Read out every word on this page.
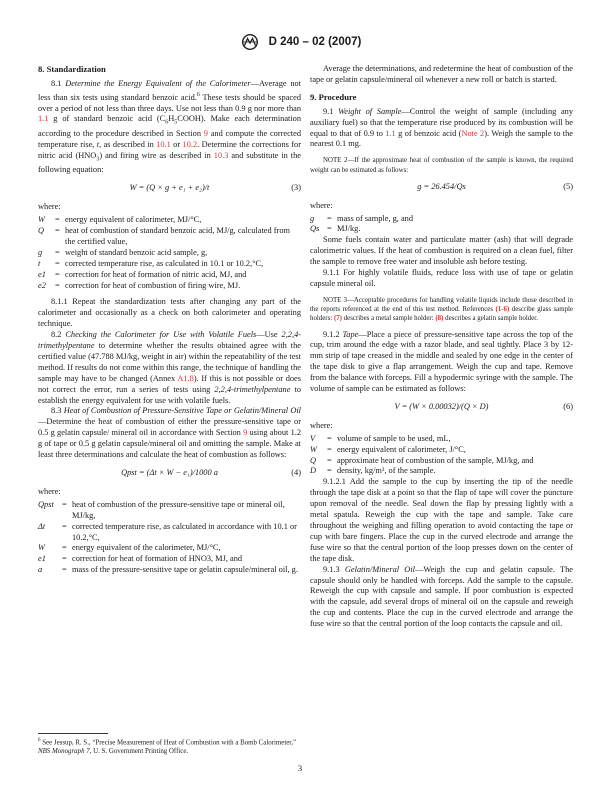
D 240 – 02 (2007)
8. Standardization

8.1 Determine the Energy Equivalent of the Calorimeter—Average not less than six tests using standard benzoic acid.$^6$ These tests should be spaced over a period of not less than three days. Use not less than 0.9 g nor more than 1.1 g of standard benzoic acid $(C_6H_5COOH)$. Make each determination according to the procedure described in Section 9 and compute the corrected temperature rise, t, as described in 10.1 or 10.2. Determine the corrections for nitric acid $(HNO_3)$ and firing wire as described in 10.3 and substitute in the following equation:

W = (Q × g + e₁ + e₂)/t	(3)

where:

W	=	energy equivalent of calorimeter, MJ/°C,
Q	=	heat of combustion of standard benzoic acid, MJ/g, calculated from the certified value,
g	=	weight of standard benzoic acid sample, g,
t	=	corrected temperature rise, as calculated in 10.1 or 10.2,°C,
e1	=	correction for heat of formation of nitric acid, MJ, and
e2	=	correction for heat of combustion of firing wire, MJ.

8.1.1 Repeat the standardization tests after changing any part of the calorimeter and occasionally as a check on both calorimeter and operating technique.

8.2 Checking the Calorimeter for Use with Volatile Fuels—Use 2,2,4-trimethylpentane to determine whether the results obtained agree with the certified value (47.788 MJ/kg, weight in air) within the repeatability of the test method. If results do not come within this range, the technique of handling the sample may have to be changed (Annex A1.8). If this is not possible or does not correct the error, run a series of tests using 2,2,4-trimethylpentane to establish the energy equivalent for use with volatile fuels.

8.3 Heat of Combustion of Pressure-Sensitive Tape or Gelatin/Mineral Oil—Determine the heat of combustion of either the pressure-sensitive tape or 0.5 g gelatin capsule/ mineral oil in accordance with Section 9 using about 1.2 g of tape or 0.5 g gelatin capsule/mineral oil and omitting the sample. Make at least three determinations and calculate the heat of combustion as follows:

Qpst = (Δt × W − e₁)/1000 a	(4)

where:

Qpst	=	heat of combustion of the pressure-sensitive tape or mineral oil, MJ/kg,
Δt	=	corrected temperature rise, as calculated in accordance with 10.1 or 10.2,°C,
W	=	energy equivalent of the calorimeter, MJ/°C,
e1	=	correction for heat of formation of HNO3, MJ, and
a	=	mass of the pressure-sensitive tape or gelatin capsule/mineral oil, g.
$^6$ See Jessup, R. S., “Precise Measurement of Heat of Combustion with a Bomb Calorimeter,” NBS Monograph 7, U. S. Government Printing Office.

Average the determinations, and redetermine the heat of combustion of the tape or gelatin capsule/mineral oil whenever a new roll or batch is started.

9. Procedure

9.1 Weight of Sample—Control the weight of sample (including any auxiliary fuel) so that the temperature rise produced by its combustion will be equal to that of 0.9 to 1.1 g of benzoic acid (Note 2). Weigh the sample to the nearest 0.1 mg.

NOTE 2—If the approximate heat of combustion of the sample is known, the required weight can be estimated as follows:

g = 26.454/Qs	(5)

where:

g	=	mass of sample, g, and
Qs	=	MJ/kg.

Some fuels contain water and particulate matter (ash) that will degrade calorimetric values. If the heat of combustion is required on a clean fuel, filter the sample to remove free water and insoluble ash before testing.

9.1.1 For highly volatile fluids, reduce loss with use of tape or gelatin capsule mineral oil.

NOTE 3—Acceptable procedures for handling volatile liquids include those described in the reports referenced at the end of this test method. References (1-6) describe glass sample holders: (7) describes a metal sample holder: (8) describes a gelatin sample holder.

9.1.2 Tape—Place a piece of pressure-sensitive tape across the top of the cup, trim around the edge with a razor blade, and seal tightly. Place 3 by 12-mm strip of tape creased in the middle and sealed by one edge in the center of the tape disk to give a flap arrangement. Weigh the cup and tape. Remove from the balance with forceps. Fill a hypodermic syringe with the sample. The volume of sample can be estimated as follows:

V = (W × 0.00032)/(Q × D)	(6)

where:

V	=	volume of sample to be used, mL,
W	=	energy equivalent of calorimeter, J/°C,
Q	=	approximate heat of combustion of the sample, MJ/kg, and
D	=	density, kg/m³, of the sample.

9.1.2.1 Add the sample to the cup by inserting the tip of the needle through the tape disk at a point so that the flap of tape will cover the puncture upon removal of the needle. Seal down the flap by pressing lightly with a metal spatula. Reweigh the cup with the tape and sample. Take care throughout the weighing and filling operation to avoid contacting the tape or cup with bare fingers. Place the cup in the curved electrode and arrange the fuse wire so that the central portion of the loop presses down on the center of the tape disk.

9.1.3 Gelatin/Mineral Oil—Weigh the cup and gelatin capsule. The capsule should only be handled with forceps. Add the sample to the capsule. Reweigh the cup with capsule and sample. If poor combustion is expected with the capsule, add several drops of mineral oil on the capsule and reweigh the cup and contents. Place the cup in the curved electrode and arrange the fuse wire so that the central portion of the loop contacts the capsule and oil.

3
